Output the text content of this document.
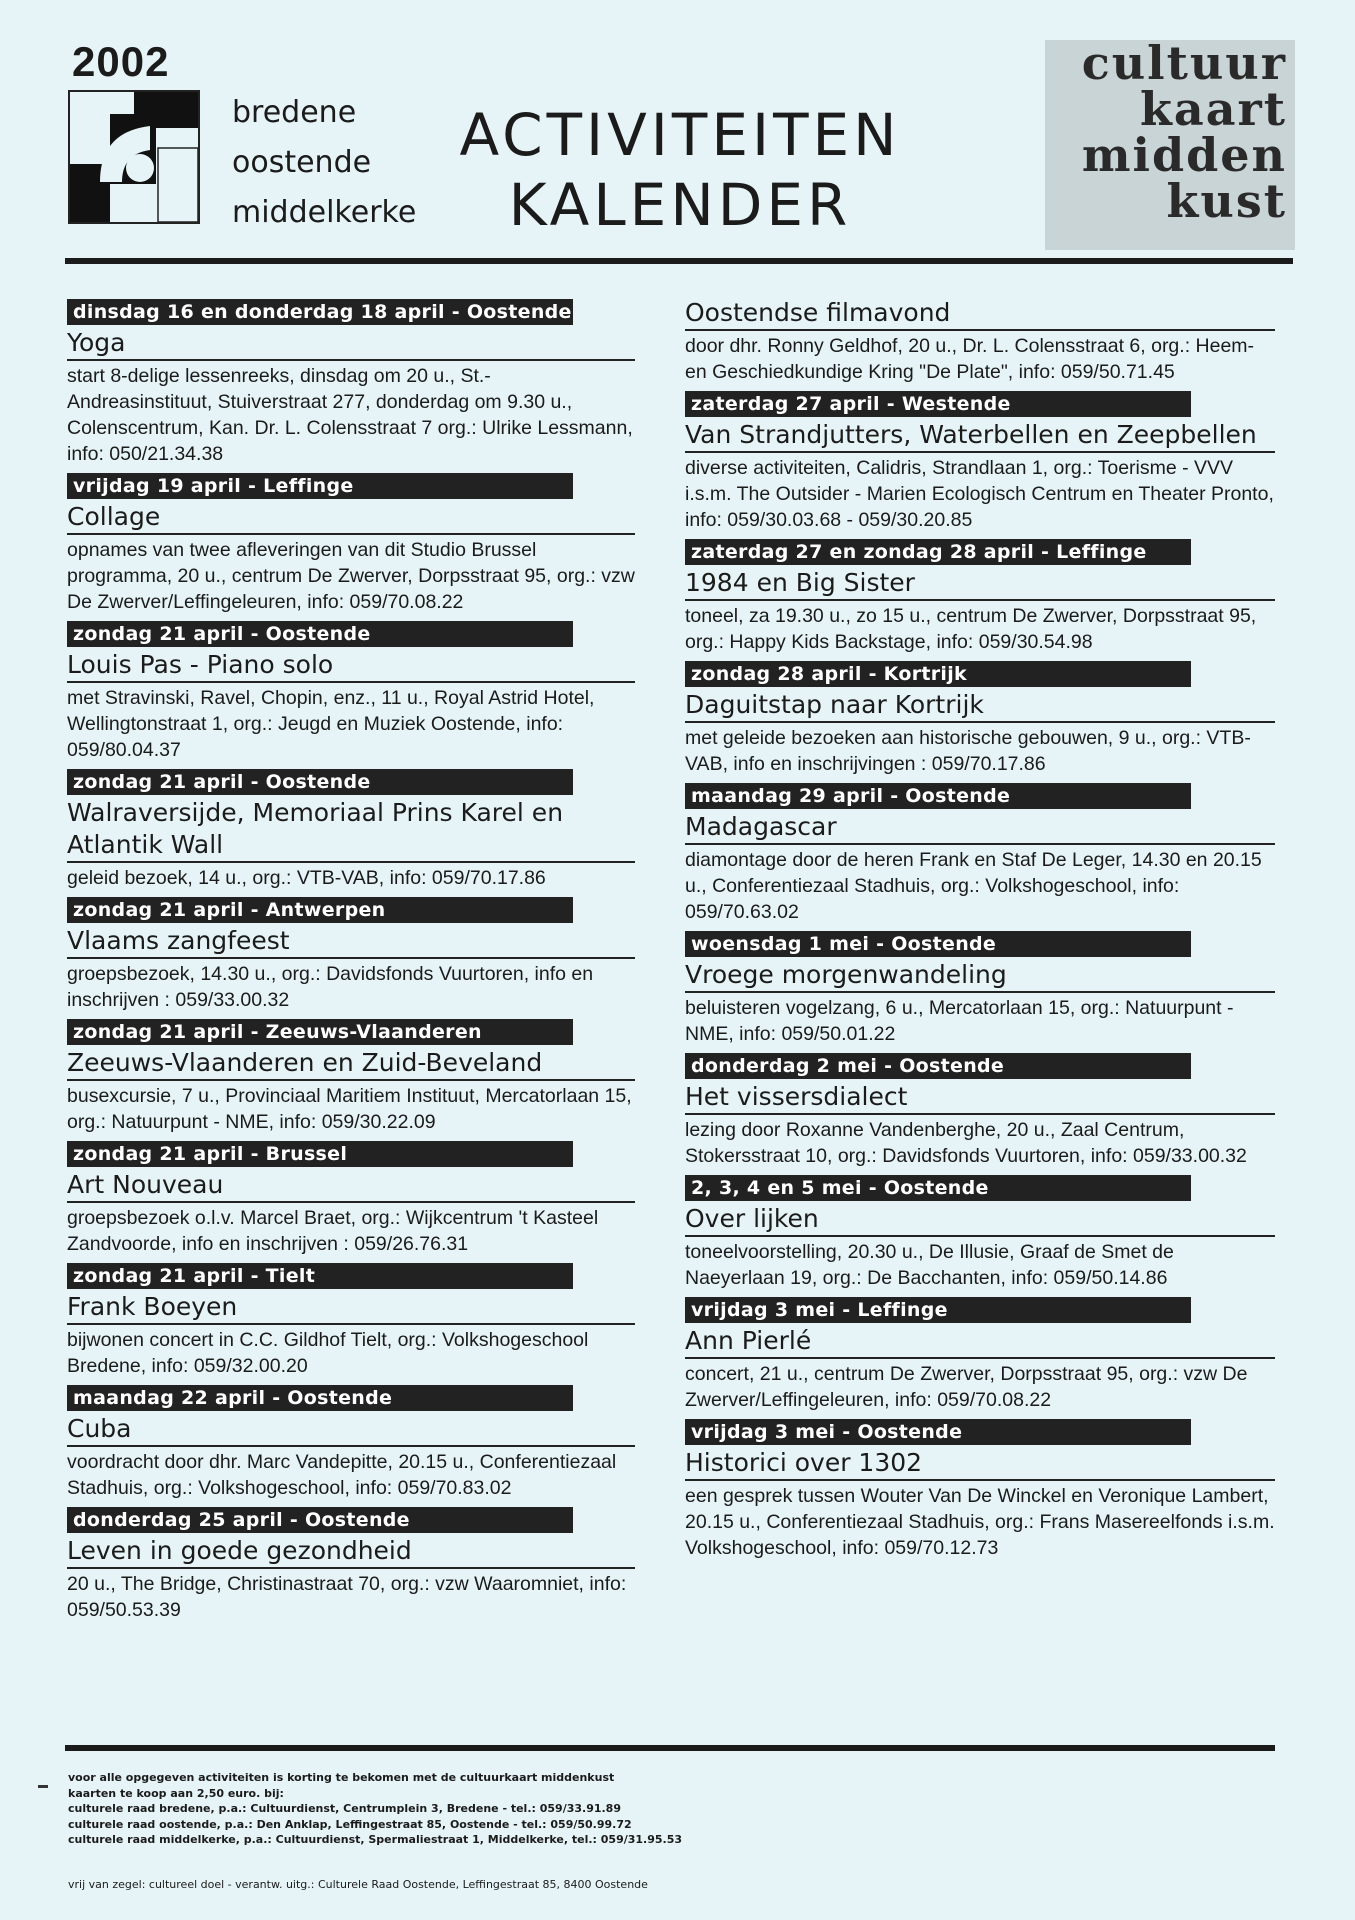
2002
bredene
oostende
middelkerke
ACTIVITEITEN
KALENDER
cultuur
kaart
midden
kust
dinsdag 16 en donderdag 18 april - Oostende
Yoga
start 8-delige lessenreeks, dinsdag om 20 u., St.-Andreasinstituut, Stuiverstraat 277, donderdag om 9.30 u., Colenscentrum, Kan. Dr. L. Colensstraat 7 org.: Ulrike Lessmann, info: 050/21.34.38
vrijdag 19 april - Leffinge
Collage
opnames van twee afleveringen van dit Studio Brussel programma, 20 u., centrum De Zwerver, Dorpsstraat 95, org.: vzw De Zwerver/Leffingeleuren, info: 059/70.08.22
zondag 21 april - Oostende
Louis Pas - Piano solo
met Stravinski, Ravel, Chopin, enz., 11 u., Royal Astrid Hotel, Wellingtonstraat 1, org.: Jeugd en Muziek Oostende, info: 059/80.04.37
zondag 21 april - Oostende
Walraversijde, Memoriaal Prins Karel en Atlantik Wall
geleid bezoek, 14 u., org.: VTB-VAB, info: 059/70.17.86
zondag 21 april - Antwerpen
Vlaams zangfeest
groepsbezoek, 14.30 u., org.: Davidsfonds Vuurtoren, info en inschrijven : 059/33.00.32
zondag 21 april - Zeeuws-Vlaanderen
Zeeuws-Vlaanderen en Zuid-Beveland
busexcursie, 7 u., Provinciaal Maritiem Instituut, Mercatorlaan 15, org.: Natuurpunt - NME, info: 059/30.22.09
zondag 21 april - Brussel
Art Nouveau
groepsbezoek o.l.v. Marcel Braet, org.: Wijkcentrum 't Kasteel Zandvoorde, info en inschrijven : 059/26.76.31
zondag 21 april - Tielt
Frank Boeyen
bijwonen concert in C.C. Gildhof Tielt, org.: Volkshogeschool Bredene, info: 059/32.00.20
maandag 22 april - Oostende
Cuba
voordracht door dhr. Marc Vandepitte, 20.15 u., Conferentiezaal Stadhuis, org.: Volkshogeschool, info: 059/70.83.02
donderdag 25 april - Oostende
Leven in goede gezondheid
20 u., The Bridge, Christinastraat 70, org.: vzw Waaromniet, info: 059/50.53.39
Oostendse filmavond
door dhr. Ronny Geldhof, 20 u., Dr. L. Colensstraat 6, org.: Heem- en Geschiedkundige Kring "De Plate", info: 059/50.71.45
zaterdag 27 april - Westende
Van Strandjutters, Waterbellen en Zeepbellen
diverse activiteiten, Calidris, Strandlaan 1, org.: Toerisme - VVV i.s.m. The Outsider - Marien Ecologisch Centrum en Theater Pronto, info: 059/30.03.68 - 059/30.20.85
zaterdag 27 en zondag 28 april - Leffinge
1984 en Big Sister
toneel, za 19.30 u., zo 15 u., centrum De Zwerver, Dorpsstraat 95, org.: Happy Kids Backstage, info: 059/30.54.98
zondag 28 april - Kortrijk
Daguitstap naar Kortrijk
met geleide bezoeken aan historische gebouwen, 9 u., org.: VTB-VAB, info en inschrijvingen : 059/70.17.86
maandag 29 april - Oostende
Madagascar
diamontage door de heren Frank en Staf De Leger, 14.30 en 20.15 u., Conferentiezaal Stadhuis, org.: Volkshogeschool, info: 059/70.63.02
woensdag 1 mei - Oostende
Vroege morgenwandeling
beluisteren vogelzang, 6 u., Mercatorlaan 15, org.: Natuurpunt - NME, info: 059/50.01.22
donderdag 2 mei - Oostende
Het vissersdialect
lezing door Roxanne Vandenberghe, 20 u., Zaal Centrum, Stokersstraat 10, org.: Davidsfonds Vuurtoren, info: 059/33.00.32
2, 3, 4 en 5 mei - Oostende
Over lijken
toneelvoorstelling, 20.30 u., De Illusie, Graaf de Smet de Naeyerlaan 19, org.: De Bacchanten, info: 059/50.14.86
vrijdag 3 mei - Leffinge
Ann Pierlé
concert, 21 u., centrum De Zwerver, Dorpsstraat 95, org.: vzw De Zwerver/Leffingeleuren, info: 059/70.08.22
vrijdag 3 mei - Oostende
Historici over 1302
een gesprek tussen Wouter Van De Winckel en Veronique Lambert, 20.15 u., Conferentiezaal Stadhuis, org.: Frans Masereelfonds i.s.m. Volkshogeschool, info: 059/70.12.73
voor alle opgegeven activiteiten is korting te bekomen met de cultuurkaart middenkust
kaarten te koop aan 2,50 euro. bij:
culturele raad bredene, p.a.: Cultuurdienst, Centrumplein 3, Bredene - tel.: 059/33.91.89
culturele raad oostende, p.a.: Den Anklap, Leffingestraat 85, Oostende - tel.: 059/50.99.72
culturele raad middelkerke, p.a.: Cultuurdienst, Spermaliestraat 1, Middelkerke, tel.: 059/31.95.53
vrij van zegel: cultureel doel - verantw. uitg.: Culturele Raad Oostende, Leffingestraat 85, 8400 Oostende
